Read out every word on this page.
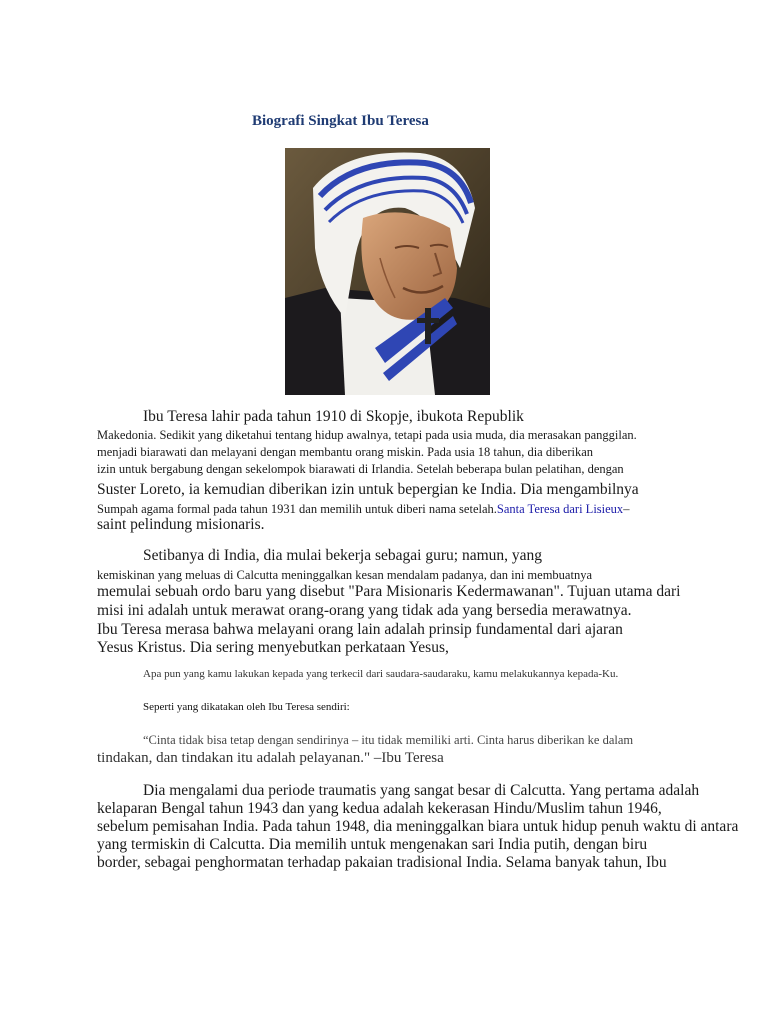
Biografi Singkat Ibu Teresa
Ibu Teresa lahir pada tahun 1910 di Skopje, ibukota Republik
Makedonia. Sedikit yang diketahui tentang hidup awalnya, tetapi pada usia muda, dia merasakan panggilan.
menjadi biarawati dan melayani dengan membantu orang miskin. Pada usia 18 tahun, dia diberikan
izin untuk bergabung dengan sekelompok biarawati di Irlandia. Setelah beberapa bulan pelatihan, dengan
Suster Loreto, ia kemudian diberikan izin untuk bepergian ke India. Dia mengambilnya
Sumpah agama formal pada tahun 1931 dan memilih untuk diberi nama setelah.Santa Teresa dari Lisieux–
saint pelindung misionaris.
Setibanya di India, dia mulai bekerja sebagai guru; namun, yang
kemiskinan yang meluas di Calcutta meninggalkan kesan mendalam padanya, dan ini membuatnya
memulai sebuah ordo baru yang disebut "Para Misionaris Kedermawanan". Tujuan utama dari
misi ini adalah untuk merawat orang-orang yang tidak ada yang bersedia merawatnya.
Ibu Teresa merasa bahwa melayani orang lain adalah prinsip fundamental dari ajaran
Yesus Kristus. Dia sering menyebutkan perkataan Yesus,
Apa pun yang kamu lakukan kepada yang terkecil dari saudara-saudaraku, kamu melakukannya kepada-Ku.
Seperti yang dikatakan oleh Ibu Teresa sendiri:
“Cinta tidak bisa tetap dengan sendirinya – itu tidak memiliki arti. Cinta harus diberikan ke dalam
tindakan, dan tindakan itu adalah pelayanan." –Ibu Teresa
Dia mengalami dua periode traumatis yang sangat besar di Calcutta. Yang pertama adalah
kelaparan Bengal tahun 1943 dan yang kedua adalah kekerasan Hindu/Muslim tahun 1946,
sebelum pemisahan India. Pada tahun 1948, dia meninggalkan biara untuk hidup penuh waktu di antara
yang termiskin di Calcutta. Dia memilih untuk mengenakan sari India putih, dengan biru
border, sebagai penghormatan terhadap pakaian tradisional India. Selama banyak tahun, Ibu
